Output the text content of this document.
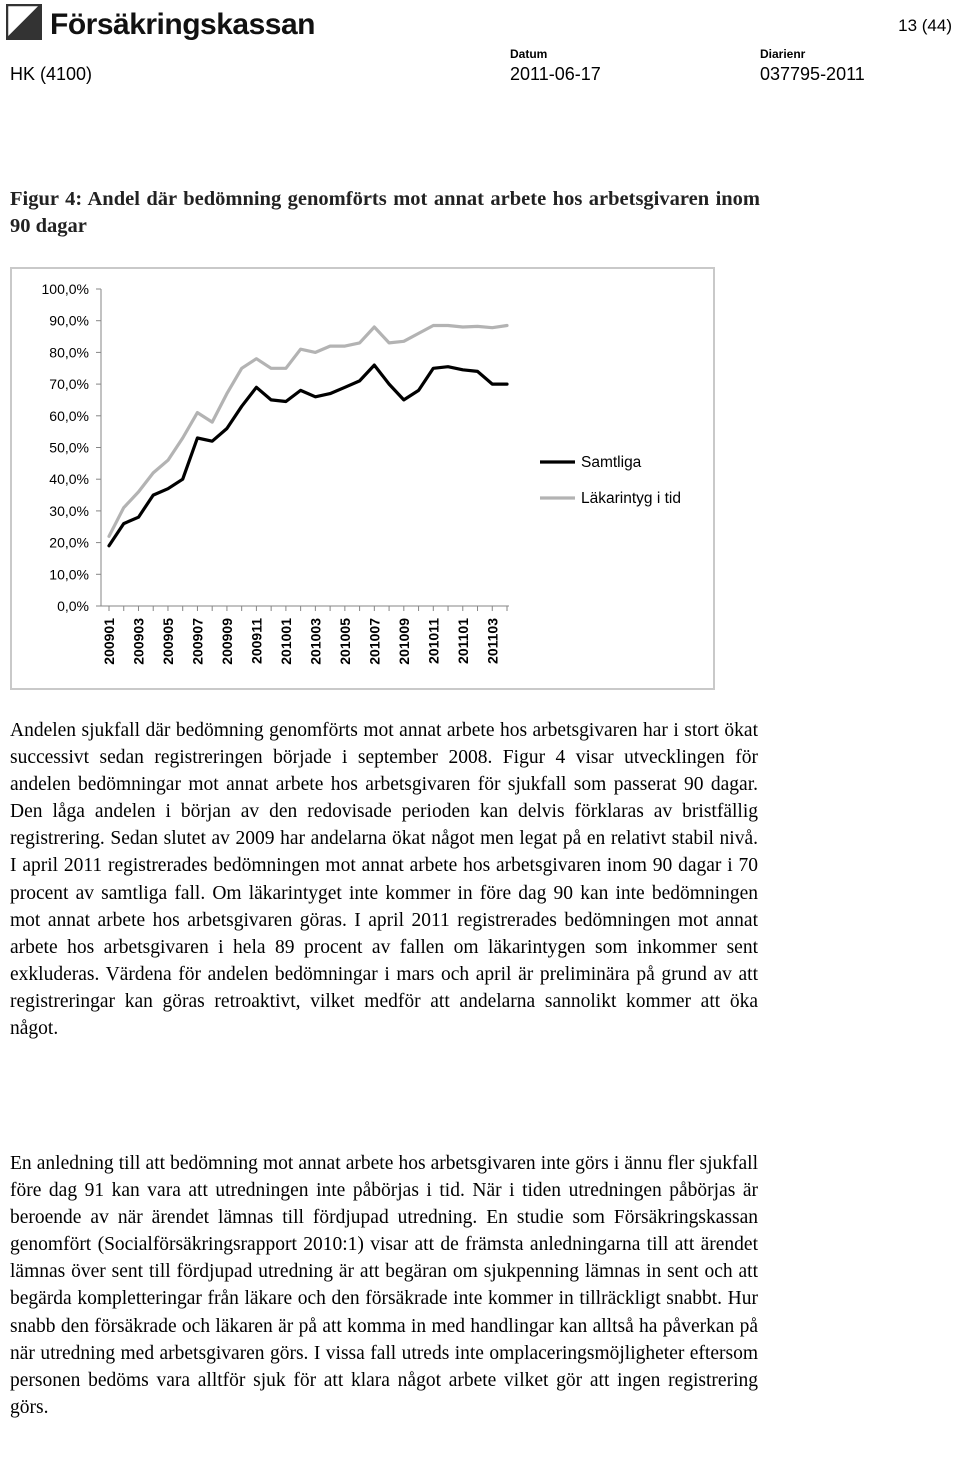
Försäkringskassan	13 (44)
HK (4100)
Datum
2011-06-17
Diarienr
037795-2011
Figur 4: Andel där bedömning genomförts mot annat arbete hos arbetsgivaren inom 90 dagar
0,0%
10,0%
20,0%
30,0%
40,0%
50,0%
60,0%
70,0%
80,0%
90,0%
100,0%
200901 200903 200905 200907 200909 200911 201001 201003 201005 201007 201009 201011 201101 201103
Samtliga
Läkarintyg i tid

Andelen sjukfall där bedömning genomförts mot annat arbete hos arbetsgivaren har i stort ökat successivt sedan registreringen började i september 2008. Figur 4 visar utvecklingen för andelen bedömningar mot annat arbete hos arbetsgivaren för sjukfall som passerat 90 dagar. Den låga andelen i början av den redovisade perioden kan delvis förklaras av bristfällig registrering. Sedan slutet av 2009 har andelarna ökat något men legat på en relativt stabil nivå. I april 2011 registrerades bedömningen mot annat arbete hos arbetsgivaren inom 90 dagar i 70 procent av samtliga fall. Om läkarintyget inte kommer in före dag 90 kan inte bedömningen mot annat arbete hos arbetsgivaren göras. I april 2011 registrerades bedömningen mot annat arbete hos arbetsgivaren i hela 89 procent av fallen om läkarintygen som inkommer sent exkluderas. Värdena för andelen bedömningar i mars och april är preliminära på grund av att registreringar kan göras retroaktivt, vilket medför att andelarna sannolikt kommer att öka något.

En anledning till att bedömning mot annat arbete hos arbetsgivaren inte görs i ännu fler sjukfall före dag 91 kan vara att utredningen inte påbörjas i tid. När i tiden utredningen påbörjas är beroende av när ärendet lämnas till fördjupad utredning. En studie som Försäkringskassan genomfört (Socialförsäkringsrapport 2010:1) visar att de främsta anledningarna till att ärendet lämnas över sent till fördjupad utredning är att begäran om sjukpenning lämnas in sent och att begärda kompletteringar från läkare och den försäkrade inte kommer in tillräckligt snabbt. Hur snabb den försäkrade och läkaren är på att komma in med handlingar kan alltså ha påverkan på när utredning med arbetsgivaren görs. I vissa fall utreds inte omplaceringsmöjligheter eftersom personen bedöms vara alltför sjuk för att klara något arbete vilket gör att ingen registrering görs.
